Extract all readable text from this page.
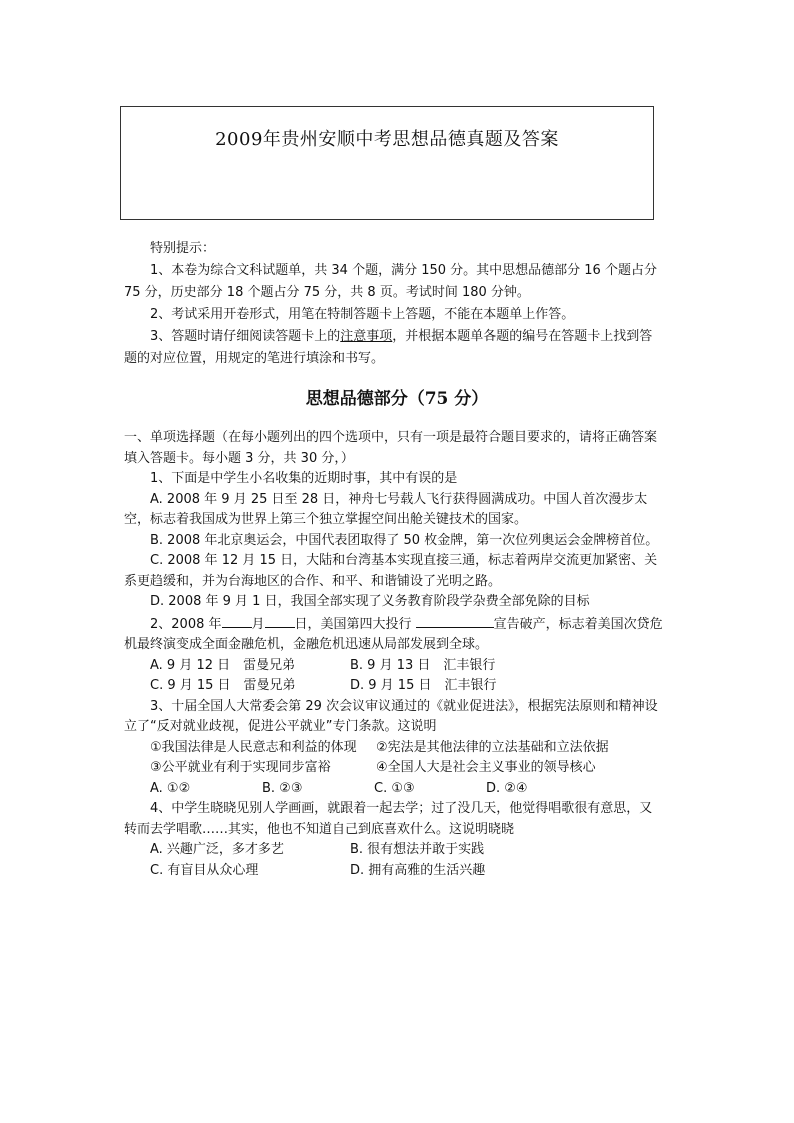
2009年贵州安顺中考思想品德真题及答案

特别提示：

1、本卷为综合文科试题单，共 34 个题，满分 150 分。其中思想品德部分 16 个题占分 75 分，历史部分 18 个题占分 75 分，共 8 页。考试时间 180 分钟。

2、考试采用开卷形式，用笔在特制答题卡上答题，不能在本题单上作答。

3、答题时请仔细阅读答题卡上的注意事项，并根据本题单各题的编号在答题卡上找到答题的对应位置，用规定的笔进行填涂和书写。

思想品德部分（75 分）

一、单项选择题（在每小题列出的四个选项中，只有一项是最符合题目要求的，请将正确答案填入答题卡。每小题 3 分，共 30 分，）

1、下面是中学生小名收集的近期时事，其中有误的是

A. 2008 年 9 月 25 日至 28 日，神舟七号载人飞行获得圆满成功。中国人首次漫步太空，标志着我国成为世界上第三个独立掌握空间出舱关键技术的国家。

B. 2008 年北京奥运会，中国代表团取得了 50 枚金牌，第一次位列奥运会金牌榜首位。

C. 2008 年 12 月 15 日，大陆和台湾基本实现直接三通，标志着两岸交流更加紧密、关系更趋缓和，并为台海地区的合作、和平、和谐铺设了光明之路。

D. 2008 年 9 月 1 日，我国全部实现了义务教育阶段学杂费全部免除的目标

2、2008 年 月 日，美国第四大投行	宣告破产，标志着美国次贷危机最终演变成全面金融危机，金融危机迅速从局部发展到全球。

A. 9 月 12 日　雷曼兄弟	B. 9 月 13 日　汇丰银行
C. 9 月 15 日　雷曼兄弟	D. 9 月 15 日　汇丰银行

3、十届全国人大常委会第 29 次会议审议通过的《就业促进法》，根据宪法原则和精神设立了“反对就业歧视，促进公平就业”专门条款。这说明

①我国法律是人民意志和利益的体现	②宪法是其他法律的立法基础和立法依据
③公平就业有利于实现同步富裕	④全国人大是社会主义事业的领导核心
A. ①②	B. ②③	C. ①③	D. ②④

4、中学生晓晓见别人学画画，就跟着一起去学；过了没几天，他觉得唱歌很有意思，又转而去学唱歌……其实，他也不知道自己到底喜欢什么。这说明晓晓

A. 兴趣广泛，多才多艺	B. 很有想法并敢于实践
C. 有盲目从众心理	D. 拥有高雅的生活兴趣
